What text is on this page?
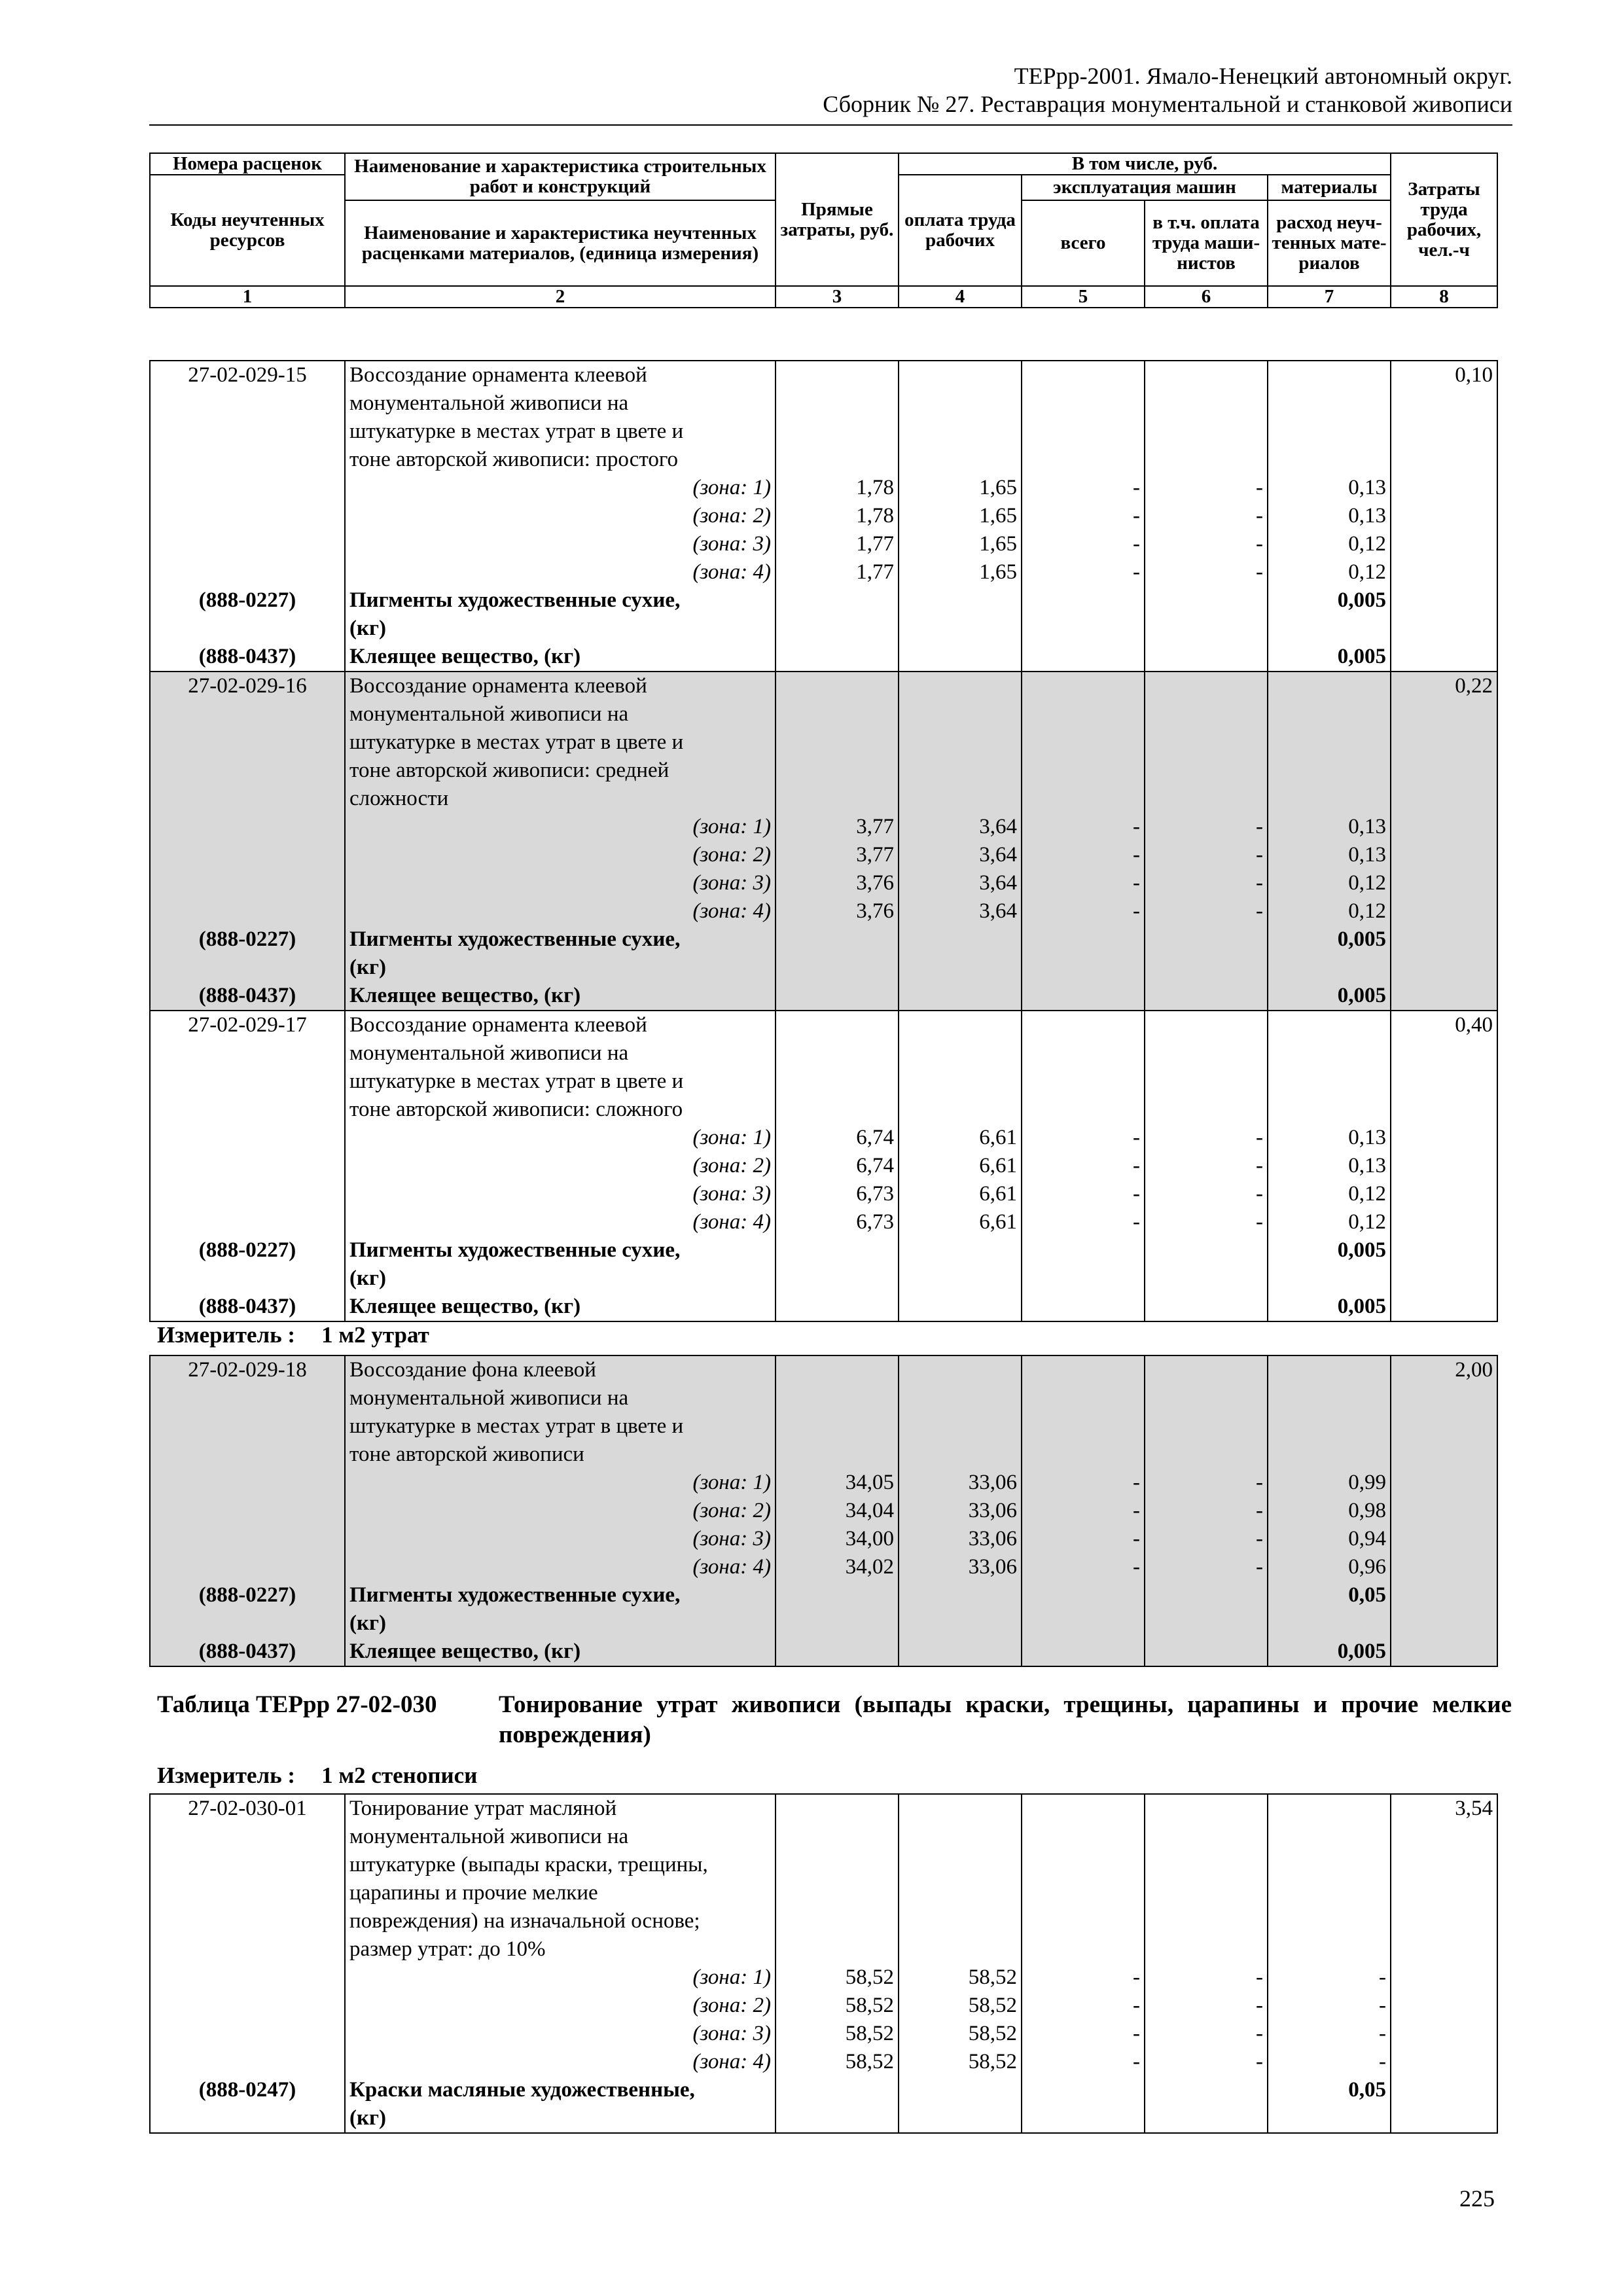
ТЕРрр-2001. Ямало-Ненецкий автономный округ.
Сборник № 27. Реставрация монументальной и станковой живописи
Номера расценок	Наименование и характеристика строительных работ и конструкций	Прямые затраты, руб.	В том числе, руб.				Затраты труда рабочих, чел.-ч
Коды неучтенных ресурсов			оплата труда рабочих	эксплуатация машин		материалы	
	Наименование и характеристика неучтенных расценками материалов, (единица измерения)			всего	в т.ч. оплата труда маши-нистов	расход неуч-тенных мате-риалов	

1	2	3	4	5	6	7	8
27-02-029-15	Воссоздание орнамента клеевой						0,10
	монументальной живописи на						
	штукатурке в местах утрат в цвете и						
	тоне авторской живописи: простого						
	(зона: 1)	1,78	1,65	-	-	0,13	
	(зона: 2)	1,78	1,65	-	-	0,13	
	(зона: 3)	1,77	1,65	-	-	0,12	
	(зона: 4)	1,77	1,65	-	-	0,12	
(888-0227)	Пигменты художественные сухие,					0,005	
	(кг)						
(888-0437)	Клеящее вещество, (кг)					0,005	
27-02-029-16	Воссоздание орнамента клеевой						0,22
	монументальной живописи на						
	штукатурке в местах утрат в цвете и						
	тоне авторской живописи: средней						
	сложности						
	(зона: 1)	3,77	3,64	-	-	0,13	
	(зона: 2)	3,77	3,64	-	-	0,13	
	(зона: 3)	3,76	3,64	-	-	0,12	
	(зона: 4)	3,76	3,64	-	-	0,12	
(888-0227)	Пигменты художественные сухие,					0,005	
	(кг)						
(888-0437)	Клеящее вещество, (кг)					0,005	
27-02-029-17	Воссоздание орнамента клеевой						0,40
	монументальной живописи на						
	штукатурке в местах утрат в цвете и						
	тоне авторской живописи: сложного						
	(зона: 1)	6,74	6,61	-	-	0,13	
	(зона: 2)	6,74	6,61	-	-	0,13	
	(зона: 3)	6,73	6,61	-	-	0,12	
	(зона: 4)	6,73	6,61	-	-	0,12	
(888-0227)	Пигменты художественные сухие,					0,005	
	(кг)						
(888-0437)	Клеящее вещество, (кг)					0,005	
Измеритель : 1 м2 утрат
27-02-029-18	Воссоздание фона клеевой						2,00
	монументальной живописи на						
	штукатурке в местах утрат в цвете и						
	тоне авторской живописи						
	(зона: 1)	34,05	33,06	-	-	0,99	
	(зона: 2)	34,04	33,06	-	-	0,98	
	(зона: 3)	34,00	33,06	-	-	0,94	
	(зона: 4)	34,02	33,06	-	-	0,96	
(888-0227)	Пигменты художественные сухие,					0,05	
	(кг)						
(888-0437)	Клеящее вещество, (кг)					0,005	
Таблица ТЕРрр 27-02-030	Тонирование утрат живописи (выпады краски, трещины, царапины и прочие мелкие повреждения)
Измеритель : 1 м2 стенописи
27-02-030-01	Тонирование утрат масляной						3,54
	монументальной живописи на						
	штукатурке (выпады краски, трещины,						
	царапины и прочие мелкие						
	повреждения) на изначальной основе;						
	размер утрат: до 10%						
	(зона: 1)	58,52	58,52	-	-	-	
	(зона: 2)	58,52	58,52	-	-	-	
	(зона: 3)	58,52	58,52	-	-	-	
	(зона: 4)	58,52	58,52	-	-	-	
(888-0247)	Краски масляные художественные,					0,05	
	(кг)						
225
